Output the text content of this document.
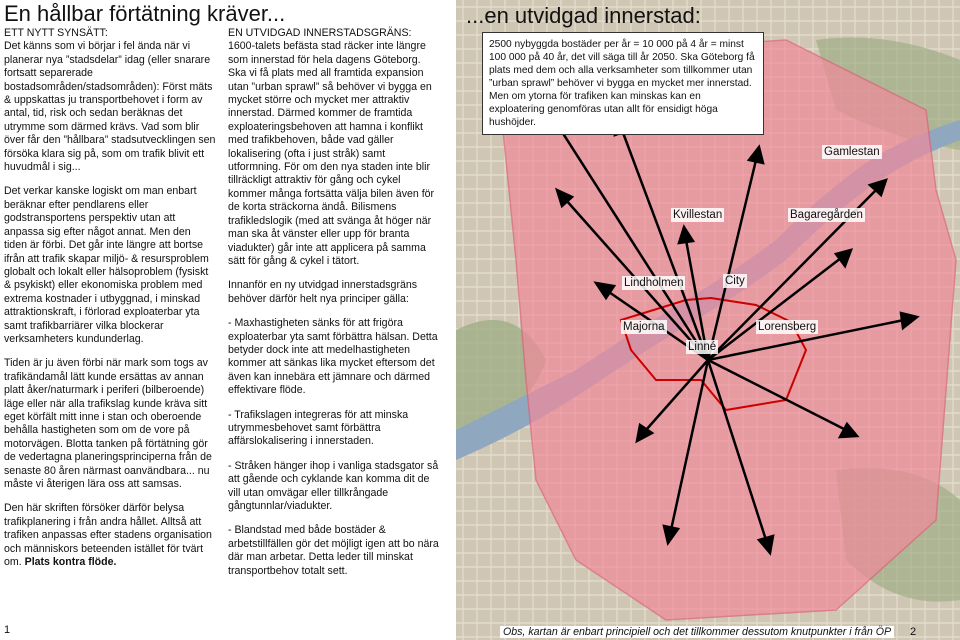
En hållbar förtätning kräver...

ETT NYTT SYNSÄTT:
Det känns som vi börjar i fel ända när vi planerar nya ”stadsdelar” idag (eller snarare fortsatt separerade bostadsområden/stadsområden): Först mäts & uppskattas ju transportbehovet i form av antal, tid, risk och sedan beräknas det utrymme som därmed krävs. Vad som blir över får den ”hållbara” stadsutvecklingen sen försöka klara sig på, som om trafik blivit ett huvudmål i sig...

Det verkar kanske logiskt om man enbart beräknar efter pendlarens eller godstransportens perspektiv utan att anpassa sig efter något annat. Men den tiden är förbi. Det går inte längre att bortse ifrån att trafik skapar miljö- & resursproblem globalt och lokalt eller hälsoproblem (fysiskt & psykiskt) eller ekonomiska problem med extrema kostnader i utbyggnad, i minskad attraktionskraft, i förlorad exploaterbar yta samt trafikbarriärer vilka blockerar verksamheters kundunderlag.

Tiden är ju även förbi när mark som togs av trafikändamål lätt kunde ersättas av annan platt åker/naturmark i periferi (bilberoende) läge eller när alla trafikslag kunde kräva sitt eget körfält mitt inne i stan och oberoende behålla hastigheten som om de vore på motorvägen. Blotta tanken på förtätning gör de vedertagna planeringsprinciperna från de senaste 80 åren närmast oanvändbara... nu måste vi återigen lära oss att samsas.

Den här skriften försöker därför belysa trafikplanering i från andra hållet. Alltså att trafiken anpassas efter stadens organisation och människors beteenden istället för tvärt om. Plats kontra flöde.

EN UTVIDGAD INNERSTADSGRÄNS:
1600-talets befästa stad räcker inte längre som innerstad för hela dagens Göteborg. Ska vi få plats med all framtida expansion utan ”urban sprawl” så behöver vi bygga en mycket större och mycket mer attraktiv innerstad. Därmed kommer de framtida exploateringsbehoven att hamna i konflikt med trafikbehoven, både vad gäller lokalisering (ofta i just stråk) samt utformning. För om den nya staden inte blir tillräckligt attraktiv för gång och cykel kommer många fortsätta välja bilen även för de korta sträckorna ändå. Bilismens trafikledslogik (med att svänga åt höger när man ska åt vänster eller upp för branta viadukter) går inte att applicera på samma sätt för gång & cykel i tätort.

Innanför en ny utvidgad innerstadsgräns behöver därför helt nya principer gälla:

- Maxhastigheten sänks för att frigöra exploaterbar yta samt förbättra hälsan. Detta betyder dock inte att medelhastigheten kommer att sänkas lika mycket eftersom det även kan innebära ett jämnare och därmed effektivare flöde.

- Trafikslagen integreras för att minska utrymmesbehovet samt förbättra affärslokalisering i innerstaden.

- Stråken hänger ihop i vanliga stadsgator så att gående och cyklande kan komma dit de vill utan omvägar eller tillkrångade gångtunnlar/viadukter.

- Blandstad med både bostäder & arbetstillfällen gör det möjligt igen att bo nära där man arbetar. Detta leder till minskat transportbehov totalt sett.

1
...en utvidgad innerstad:
2500 nybyggda bostäder per år = 10 000 på 4 år = minst 100 000 på 40 år, det vill säga till år 2050. Ska Göteborg få plats med dem och alla verksamheter som tillkommer utan ”urban sprawl” behöver vi bygga en mycket mer innerstad. Men om ytorna för trafiken kan minskas kan en exploatering genomföras utan allt för ensidigt höga hushöjder.
Gamlestan
Kvillestan	Bagaregården
City
Lindholmen
Majorna	Lorensberg
Linné
Obs, kartan är enbart principiell och det tillkommer dessutom knutpunkter i från ÖP 2
